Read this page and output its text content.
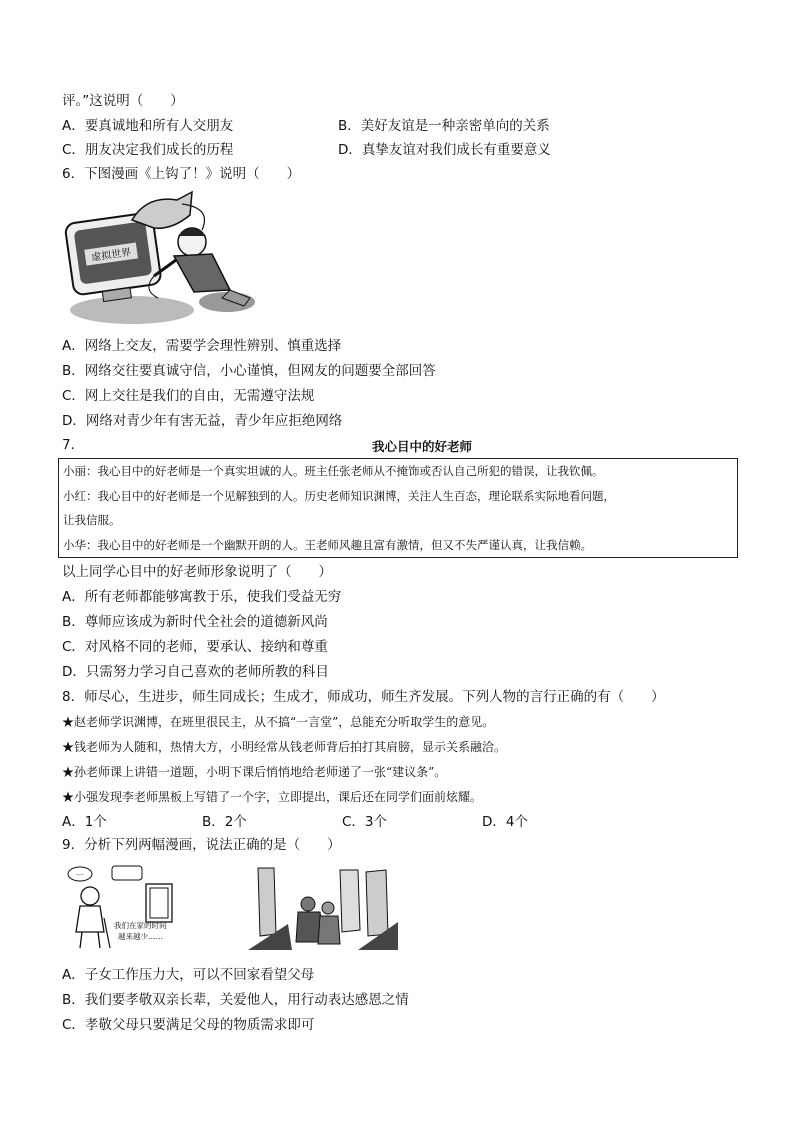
评。”这说明（　　）
A．要真诚地和所有人交朋友	B．美好友谊是一种亲密单向的关系
C．朋友决定我们成长的历程	D．真挚友谊对我们成长有重要意义
6．下图漫画《上钩了！》说明（　　）
虚拟世界
A．网络上交友，需要学会理性辨别、慎重选择
B．网络交往要真诚守信，小心谨慎，但网友的问题要全部回答
C．网上交往是我们的自由，无需遵守法规
D．网络对青少年有害无益，青少年应拒绝网络
7．	我心目中的好老师
小丽：我心目中的好老师是一个真实坦诚的人。班主任张老师从不掩饰或否认自己所犯的错误，让我钦佩。
小红：我心目中的好老师是一个见解独到的人。历史老师知识渊博，关注人生百态，理论联系实际地看问题，
让我信服。
小华：我心目中的好老师是一个幽默开朗的人。王老师风趣且富有激情，但又不失严谨认真，让我信赖。
以上同学心目中的好老师形象说明了（　　）
A．所有老师都能够寓教于乐，使我们受益无穷
B．尊师应该成为新时代全社会的道德新风尚
C．对风格不同的老师，要承认、接纳和尊重
D．只需努力学习自己喜欢的老师所教的科目
8．师尽心，生进步，师生同成长；生成才，师成功，师生齐发展。下列人物的言行正确的有（　　）
★赵老师学识渊博，在班里很民主，从不搞“一言堂”，总能充分听取学生的意见。
★钱老师为人随和，热情大方，小明经常从钱老师背后拍打其肩膀，显示关系融洽。
★孙老师课上讲错一道题，小明下课后悄悄地给老师递了一张“建议条”。
★小强发现李老师黑板上写错了一个字，立即提出，课后还在同学们面前炫耀。
A．1个	B．2个	C．3个	D．4个
9．分析下列两幅漫画，说法正确的是（　　）
···
我们在家的时间
越来越少……
A．子女工作压力大，可以不回家看望父母
B．我们要孝敬双亲长辈，关爱他人，用行动表达感恩之情
C．孝敬父母只要满足父母的物质需求即可
